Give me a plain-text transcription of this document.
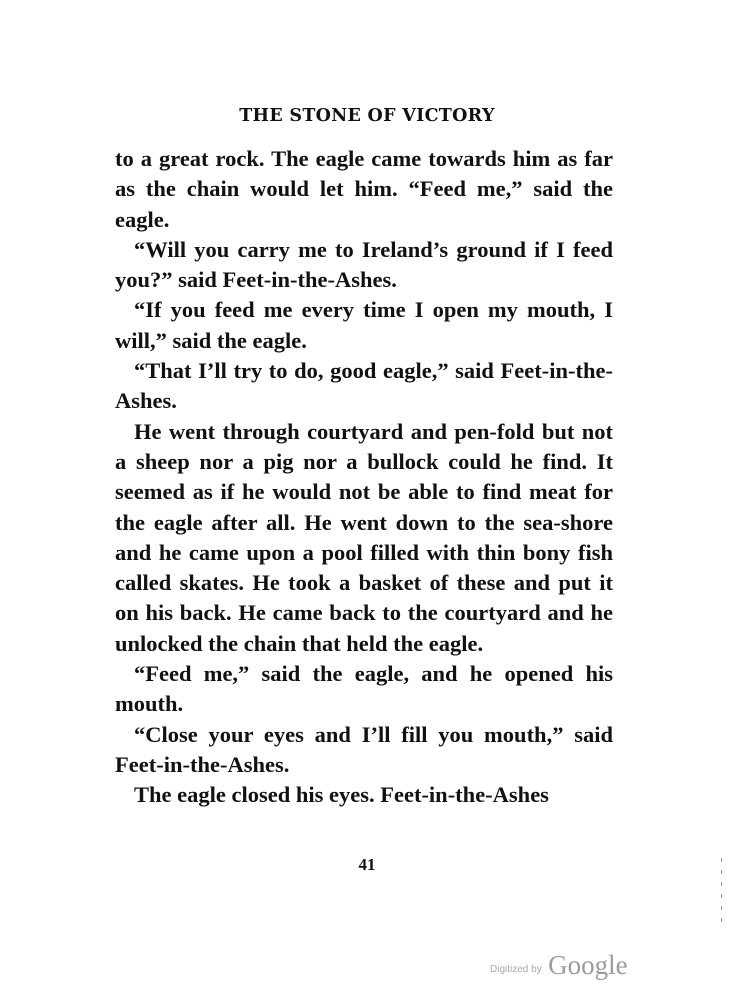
THE STONE OF VICTORY

to a great rock. The eagle came towards him as far as the chain would let him. “Feed me,” said the eagle.

“Will you carry me to Ireland’s ground if I feed you?” said Feet-in-the-Ashes.

“If you feed me every time I open my mouth, I will,” said the eagle.

“That I’ll try to do, good eagle,” said Feet-in-the-Ashes.

He went through courtyard and pen-fold but not a sheep nor a pig nor a bullock could he find. It seemed as if he would not be able to find meat for the eagle after all. He went down to the sea-shore and he came upon a pool filled with thin bony fish called skates. He took a basket of these and put it on his back. He came back to the courtyard and he unlocked the chain that held the eagle.

“Feed me,” said the eagle, and he opened his mouth.

“Close your eyes and I’ll fill you mouth,” said Feet-in-the-Ashes.

The eagle closed his eyes. Feet-in-the-Ashes

41
Digitized by Google
